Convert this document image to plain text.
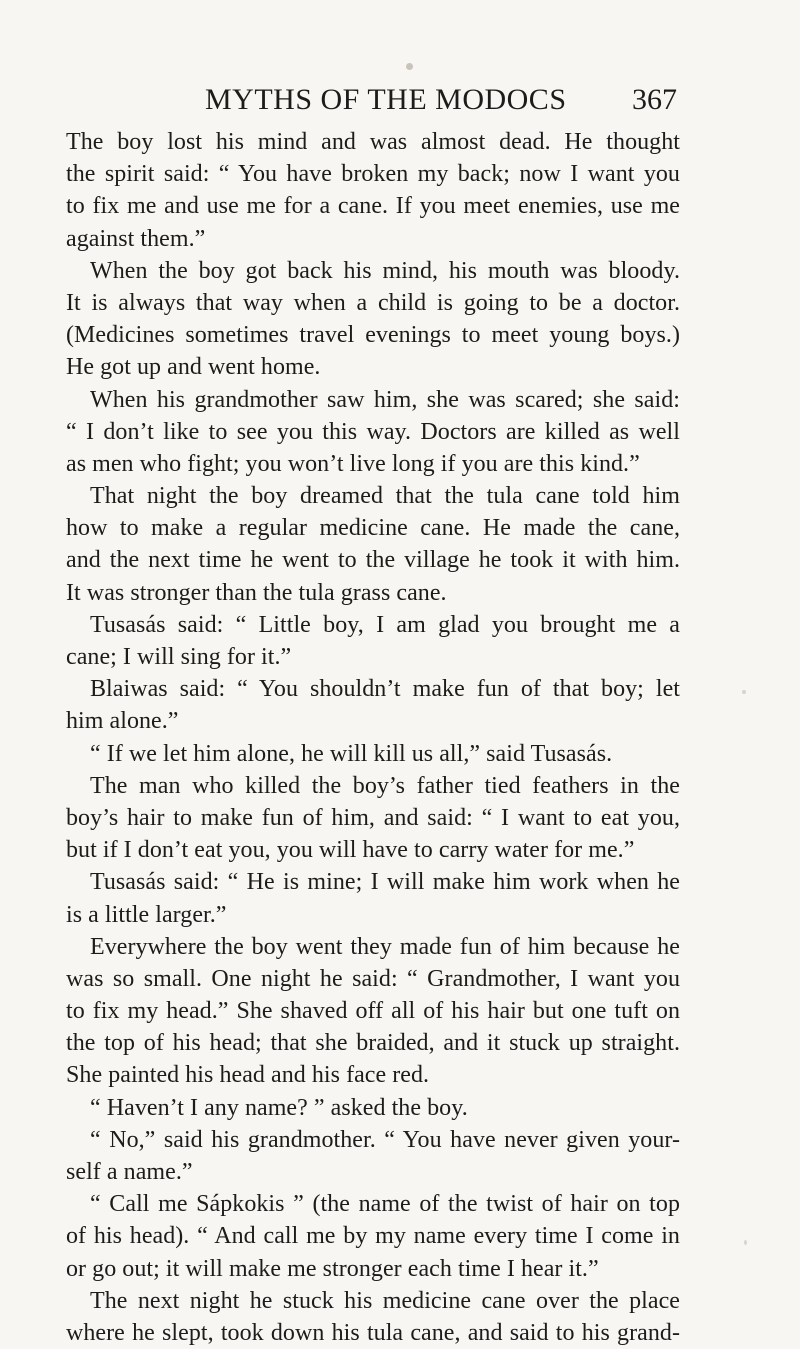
MYTHS OF THE MODOCS 367
The boy lost his mind and was almost dead. He thought
the spirit said: “ You have broken my back; now I want you
to fix me and use me for a cane. If you meet enemies, use me
against them.”
When the boy got back his mind, his mouth was bloody.
It is always that way when a child is going to be a doctor.
(Medicines sometimes travel evenings to meet young boys.)
He got up and went home.
When his grandmother saw him, she was scared; she said:
“ I don’t like to see you this way. Doctors are killed as well
as men who fight; you won’t live long if you are this kind.”
That night the boy dreamed that the tula cane told him
how to make a regular medicine cane. He made the cane,
and the next time he went to the village he took it with him.
It was stronger than the tula grass cane.
Tusasás said: “ Little boy, I am glad you brought me a
cane; I will sing for it.”
Blaiwas said: “ You shouldn’t make fun of that boy; let
him alone.”
“ If we let him alone, he will kill us all,” said Tusasás.
The man who killed the boy’s father tied feathers in the
boy’s hair to make fun of him, and said: “ I want to eat you,
but if I don’t eat you, you will have to carry water for me.”
Tusasás said: “ He is mine; I will make him work when he
is a little larger.”
Everywhere the boy went they made fun of him because he
was so small. One night he said: “ Grandmother, I want you
to fix my head.” She shaved off all of his hair but one tuft on
the top of his head; that she braided, and it stuck up straight.
She painted his head and his face red.
“ Haven’t I any name? ” asked the boy.
“ No,” said his grandmother. “ You have never given your-
self a name.”
“ Call me Sápkokis ” (the name of the twist of hair on top
of his head). “ And call me by my name every time I come in
or go out; it will make me stronger each time I hear it.”
The next night he stuck his medicine cane over the place
where he slept, took down his tula cane, and said to his grand-
